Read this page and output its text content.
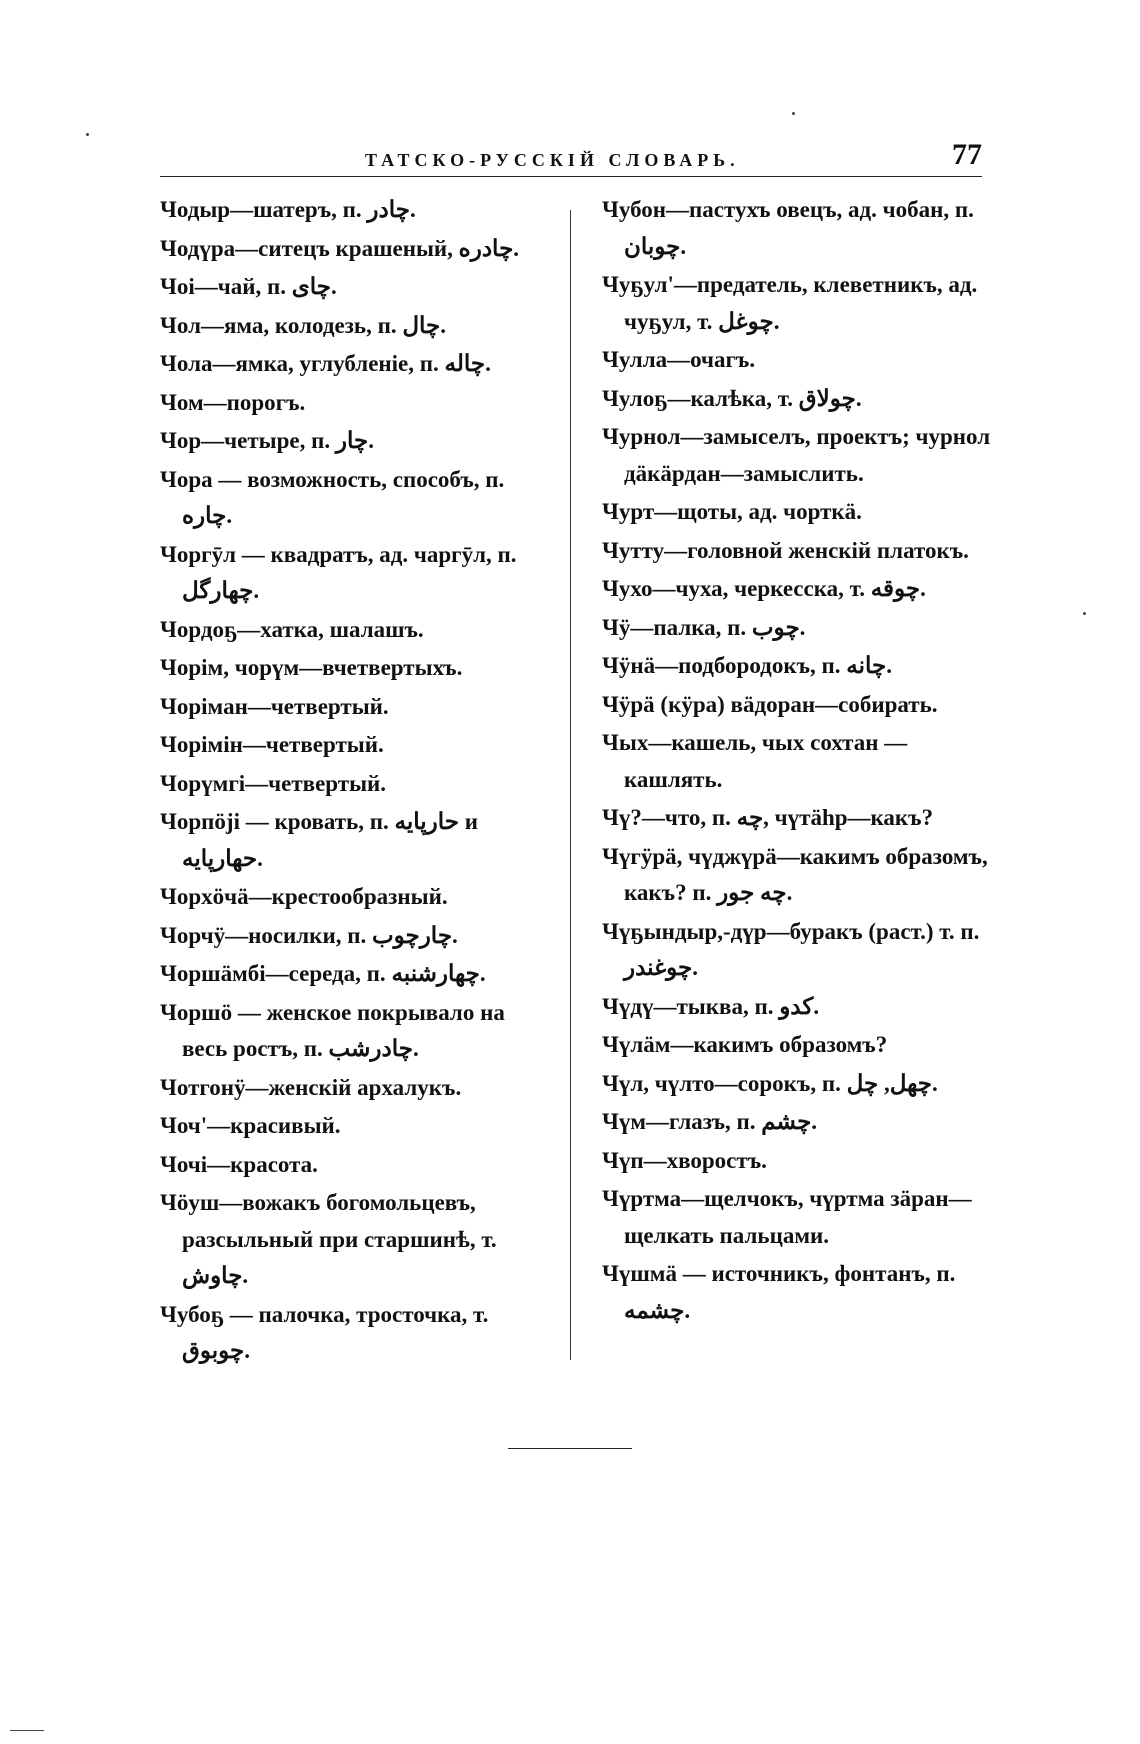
ТАТСКО-РУССКІЙ СЛОВАРЬ.	77
Чодыр—шатеръ, п. چادر.
Чодүра—ситецъ крашеный, چادره.
Чоі—чай, п. چای.
Чол—яма, колодезь, п. چال.
Чола—ямка, углубленіе, п. چاله.
Чом—порогъ.
Чор—четыре, п. چار.
Чора — возможность, способъ, п. چاره.
Чоргӯл — квадратъ, ад. чаргӯл, п. چهارگل.
Чордоҕ—хатка, шалашъ.
Чорім, чорүм—вчетвертыхъ.
Чоріман—четвертый.
Чорімін—четвертый.
Чорүмгі—четвертый.
Чорпӧjі — кровать, п. حارپایه и حهارپایه.
Чорхӧчä—крестообразный.
Чорчӱ—носилки, п. چارچوب.
Чоршäмбі—середа, п. چهارشنبه.
Чоршӧ — женское покрывало на весь ростъ, п. چادرشب.
Чотгонӱ—женскій архалукъ.
Чоч'—красивый.
Чочі—красота.
Чӧуш—вожакъ богомольцевъ, разсыльный при старшинѣ, т. چاوش.
Чубоҕ — палочка, тросточка, т. چوبوق.
Чубон—пастухъ овецъ, ад. чобан, п. چوبان.
Чуҕул'—предатель, клеветникъ, ад. чуҕул, т. چوغل.
Чулла—очагъ.
Чулоҕ—калѣка, т. چولاق.
Чурнол—замыселъ, проектъ; чурнол дäкäрдан—замыслить.
Чурт—щоты, ад. чорткä.
Чутту—головной женскій платокъ.
Чухо—чуха, черкесска, т. چوقه.
Чӱ—палка, п. چوب.
Чӱнä—подбородокъ, п. چانه.
Чӱрä (кӱра) вäдоран—собирать.
Чых—кашель, чых сохтан — кашлять.
Чү?—что, п. چه, чүтähр—какъ?
Чүгӱрä, чүджүрä—какимъ образомъ, какъ? п. چه جور.
Чүҕындыр,-дүр—буракъ (раст.) т. п. چوغندر.
Чүдү—тыква, п. کدو.
Чүлäм—какимъ образомъ?
Чүл, чүлто—сорокъ, п. چهل, چل.
Чүм—глазъ, п. چشم.
Чүп—хворостъ.
Чүртма—щелчокъ, чүртма зäран—щелкать пальцами.
Чүшмä — источникъ, фонтанъ, п. چشمه.
